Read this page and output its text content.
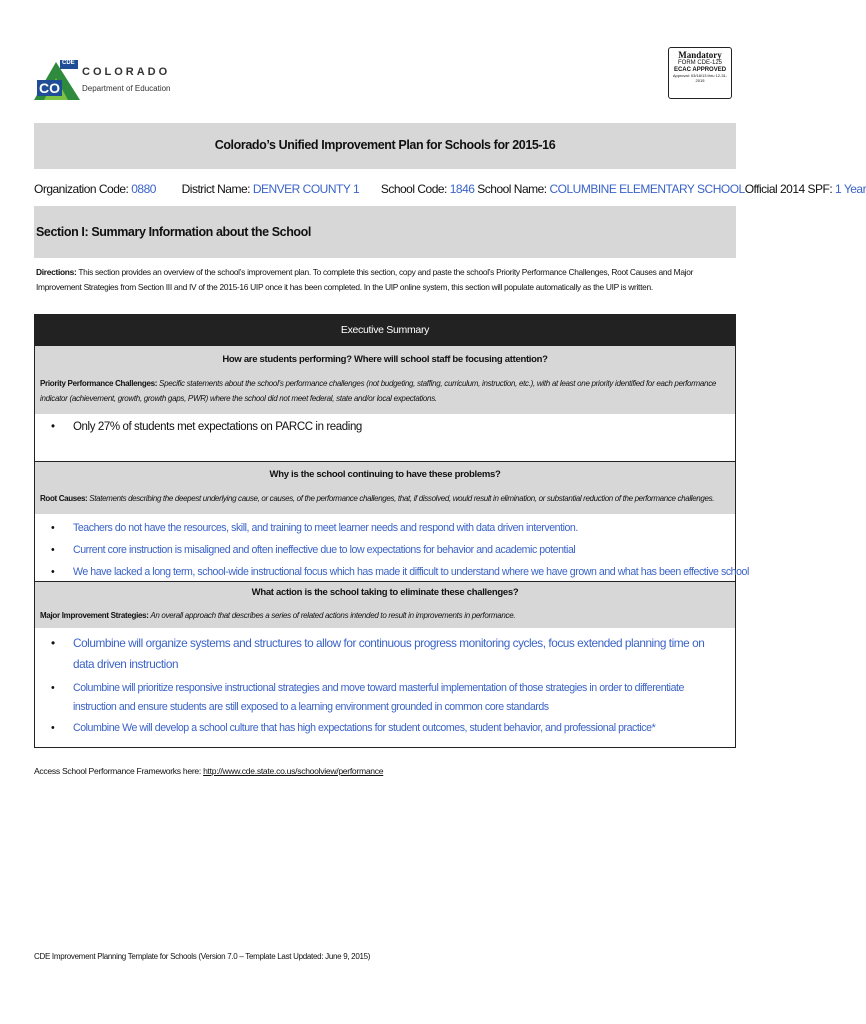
CDE
CO
COLORADO
Department of Education
Mandatory
FORM CDE-125
ECAC APPROVED
Approval: 03/18/13 thru 12-31-2015
Colorado’s Unified Improvement Plan for Schools for 2015-16
Organization Code: 0880 District Name: DENVER COUNTY 1 School Code: 1846 School Name: COLUMBINE ELEMENTARY SCHOOLOfficial 2014 SPF: 1 Year
Section I: Summary Information about the School
Directions: This section provides an overview of the school’s improvement plan. To complete this section, copy and paste the school’s Priority Performance Challenges, Root Causes and Major Improvement Strategies from Section III and IV of the 2015-16 UIP once it has been completed. In the UIP online system, this section will populate automatically as the UIP is written.
Executive Summary
How are students performing? Where will school staff be focusing attention?
Priority Performance Challenges: Specific statements about the school’s performance challenges (not budgeting, staffing, curriculum, instruction, etc.), with at least one priority identified for each performance indicator (achievement, growth, growth gaps, PWR) where the school did not meet federal, state and/or local expectations.
• Only 27% of students met expectations on PARCC in reading
Why is the school continuing to have these problems?
Root Causes: Statements describing the deepest underlying cause, or causes, of the performance challenges, that, if dissolved, would result in elimination, or substantial reduction of the performance challenges.
• Teachers do not have the resources, skill, and training to meet learner needs and respond with data driven intervention.
• Current core instruction is misaligned and often ineffective due to low expectations for behavior and academic potential
• We have lacked a long term, school-wide instructional focus which has made it difficult to understand where we have grown and what has been effective school
What action is the school taking to eliminate these challenges?
Major Improvement Strategies: An overall approach that describes a series of related actions intended to result in improvements in performance.
• Columbine will organize systems and structures to allow for continuous progress monitoring cycles, focus extended planning time on data driven instruction
• Columbine will prioritize responsive instructional strategies and move toward masterful implementation of those strategies in order to differentiate instruction and ensure students are still exposed to a learning environment grounded in common core standards
• Columbine We will develop a school culture that has high expectations for student outcomes, student behavior, and professional practice*
Access School Performance Frameworks here: http://www.cde.state.co.us/schoolview/performance
CDE Improvement Planning Template for Schools (Version 7.0 – Template Last Updated: June 9, 2015)
